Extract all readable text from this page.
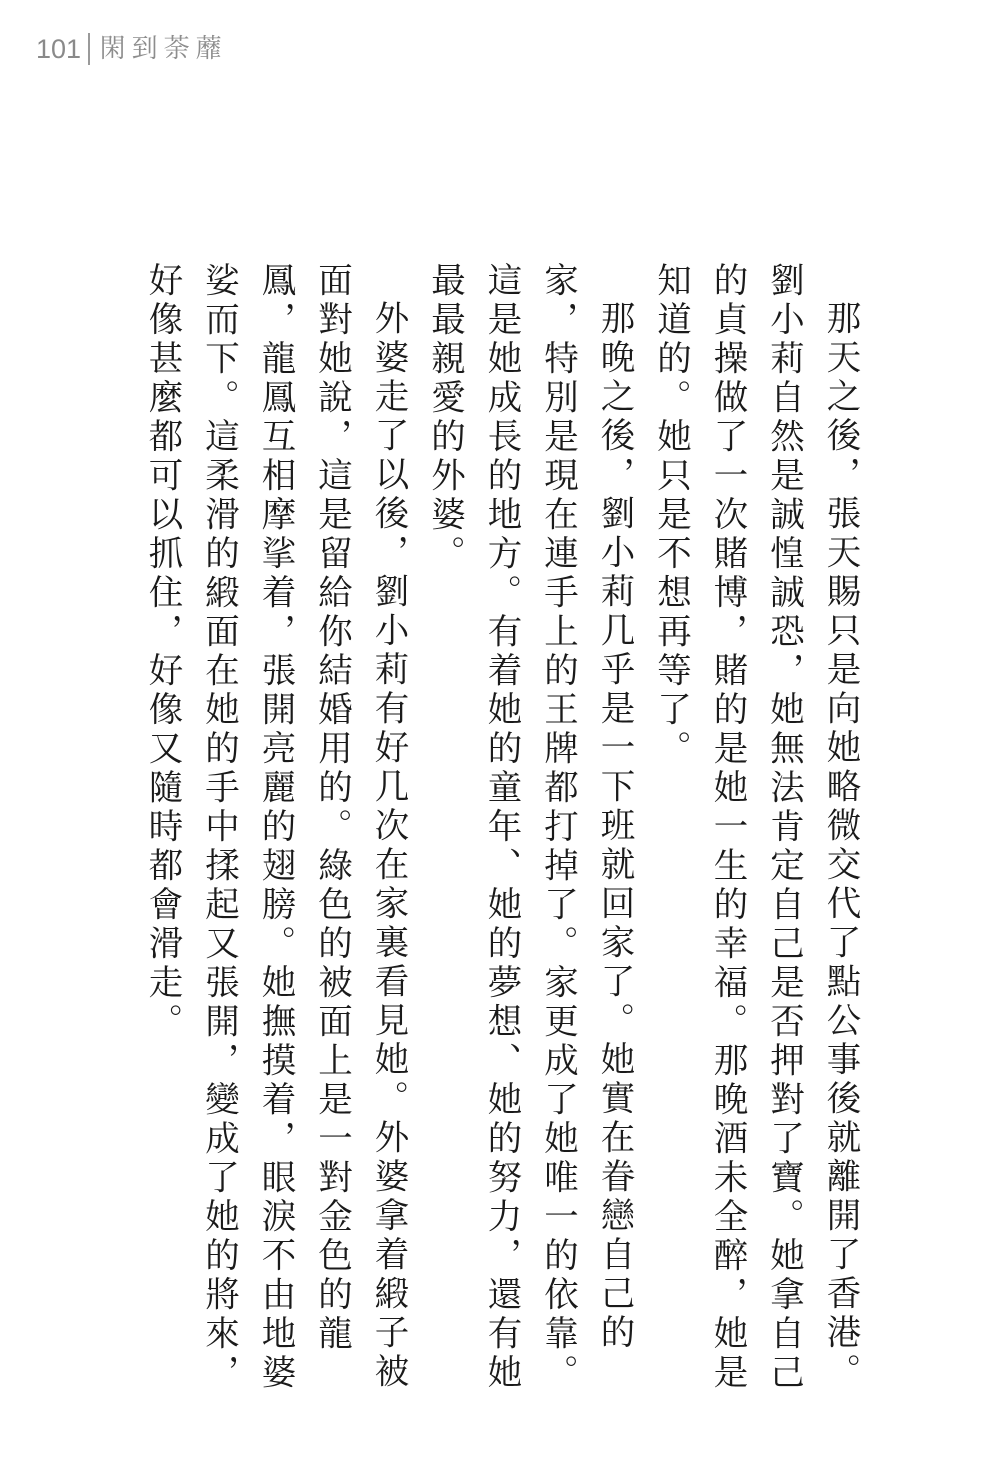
101 閑到荼蘼

那天之後，張天賜只是向她略微交代了點公事後就離開了香港。劉小莉自然是誠惶誠恐，她無法肯定自己是否押對了寶。她拿自己的貞操做了一次賭博，賭的是她一生的幸福。那晚酒未全醉，她是知道的。她只是不想再等了。

那晚之後，劉小莉几乎是一下班就回家了。她實在眷戀自己的家，特別是現在連手上的王牌都打掉了。家更成了她唯一的依靠。這是她成長的地方。有着她的童年、她的夢想、她的努力，還有她最最親愛的外婆。

外婆走了以後，劉小莉有好几次在家裏看見她。外婆拿着緞子被面對她說，這是留給你結婚用的。綠色的被面上是一對金色的龍鳳，龍鳳互相摩挲着，張開亮麗的翅膀。她撫摸着，眼淚不由地婆娑而下。這柔滑的緞面在她的手中揉起又張開，變成了她的將來，好像甚麼都可以抓住，好像又隨時都會滑走。
